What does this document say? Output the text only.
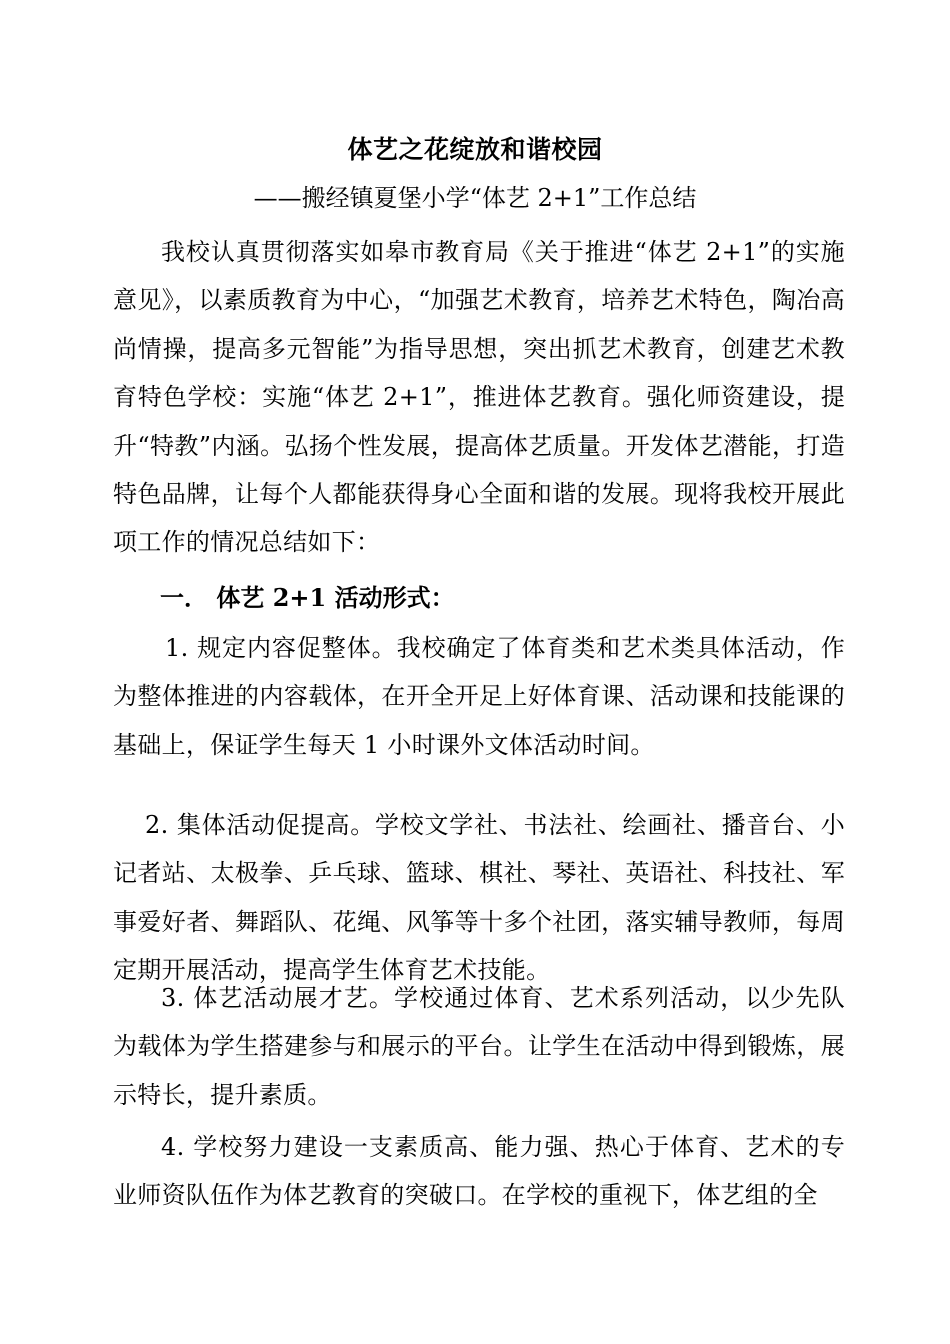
体艺之花绽放和谐校园
——搬经镇夏堡小学“体艺 2+1”工作总结

我校认真贯彻落实如皋市教育局《关于推进“体艺 2+1”的实施意见》，以素质教育为中心，“加强艺术教育，培养艺术特色，陶冶高尚情操，提高多元智能”为指导思想，突出抓艺术教育，创建艺术教育特色学校：实施“体艺 2+1”，推进体艺教育。强化师资建设，提升“特教”内涵。弘扬个性发展，提高体艺质量。开发体艺潜能，打造特色品牌，让每个人都能获得身心全面和谐的发展。现将我校开展此项工作的情况总结如下：

一． 体艺 2+1 活动形式：

1. 规定内容促整体。我校确定了体育类和艺术类具体活动，作为整体推进的内容载体，在开全开足上好体育课、活动课和技能课的基础上，保证学生每天 1 小时课外文体活动时间。

2. 集体活动促提高。学校文学社、书法社、绘画社、播音台、小记者站、太极拳、乒乓球、篮球、棋社、琴社、英语社、科技社、军事爱好者、舞蹈队、花绳、风筝等十多个社团，落实辅导教师，每周定期开展活动，提高学生体育艺术技能。

3. 体艺活动展才艺。学校通过体育、艺术系列活动，以少先队为载体为学生搭建参与和展示的平台。让学生在活动中得到锻炼，展示特长，提升素质。

4. 学校努力建设一支素质高、能力强、热心于体育、艺术的专业师资队伍作为体艺教育的突破口。在学校的重视下，体艺组的全
